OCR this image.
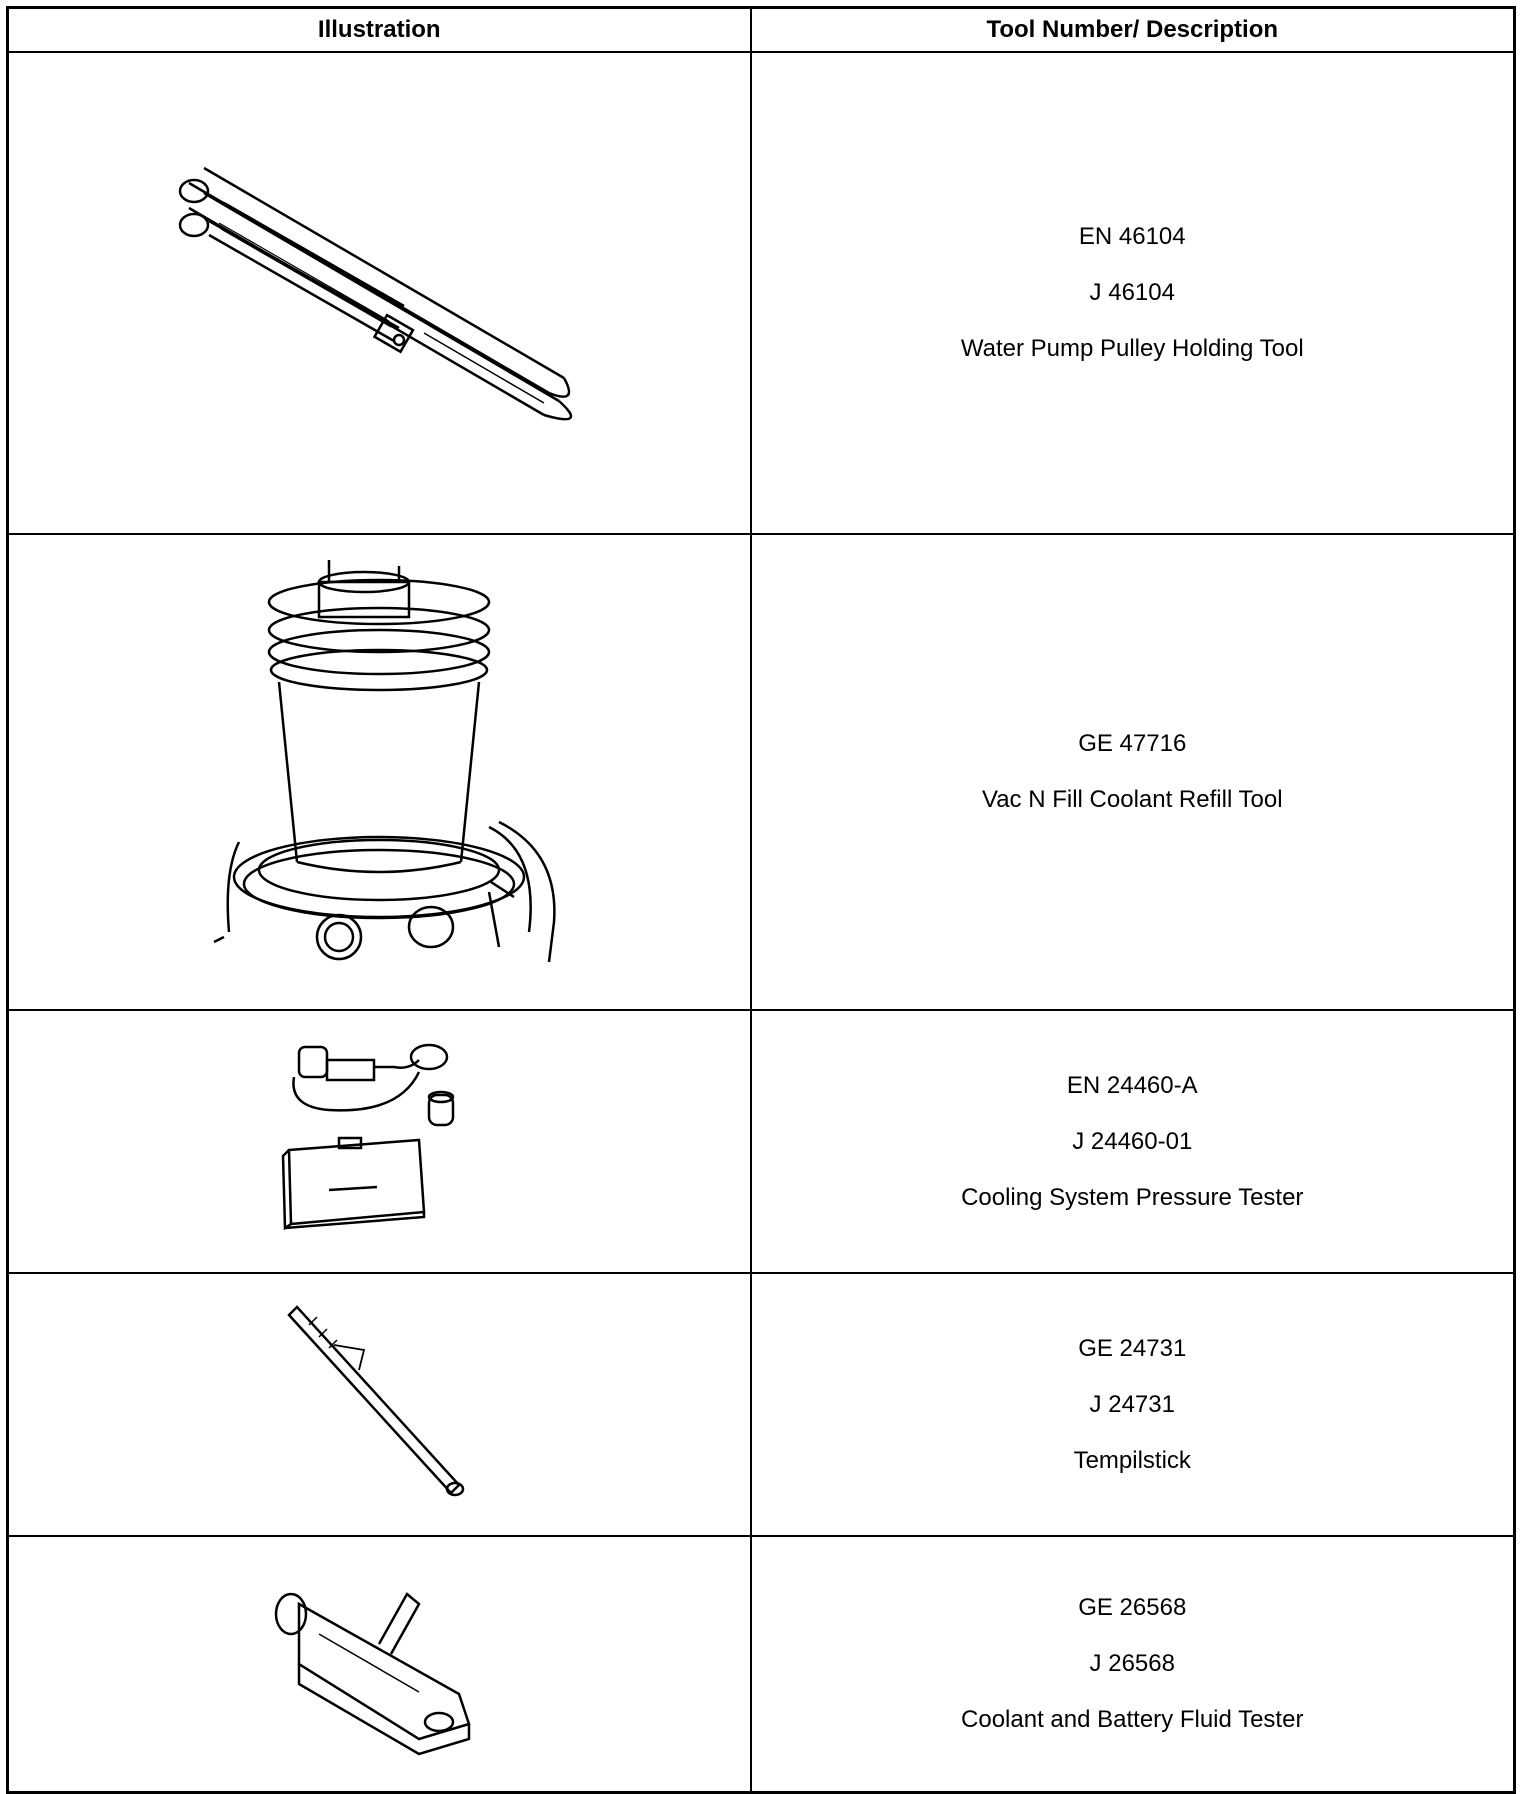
Illustration	Tool Number/ Description

EN 46104
J 46104
Water Pump Pulley Holding Tool

GE 47716
Vac N Fill Coolant Refill Tool

EN 24460-A
J 24460-01
Cooling System Pressure Tester

GE 24731
J 24731
Tempilstick

GE 26568
J 26568
Coolant and Battery Fluid Tester
